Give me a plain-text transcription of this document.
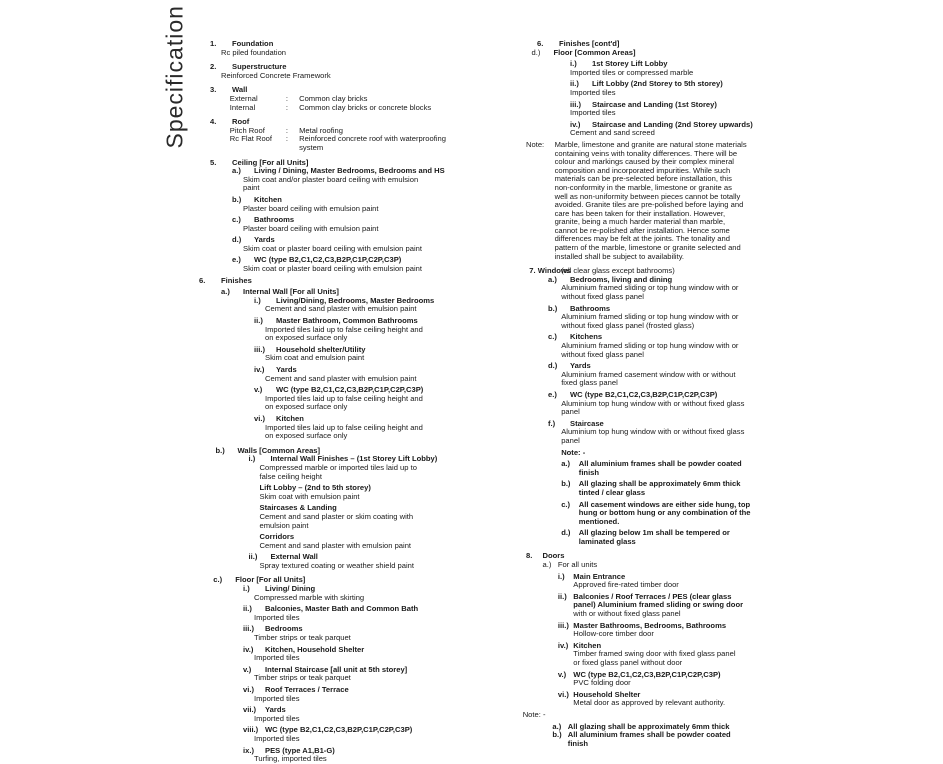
Specification	1. Foundation
Rc piled foundation
2. Superstructure
Reinforced Concrete Framework
3. Wall
External	: Common clay bricks
Internal	: Common clay bricks or concrete blocks
4. Roof
Pitch Roof	: Metal roofing
Rc Flat Roof	: Reinforced concrete roof with waterproofing
system
5. Ceiling [For all Units]
a.) Living / Dining, Master Bedrooms, Bedrooms and HS
Skim coat and/or plaster board ceiling with emulsion
paint
b.) Kitchen
Plaster board ceiling with emulsion paint
c.) Bathrooms
Plaster board ceiling with emulsion paint
d.) Yards
Skim coat or plaster board ceiling with emulsion paint
e.) WC (type B2,C1,C2,C3,B2P,C1P,C2P,C3P)
Skim coat or plaster board ceiling with emulsion paint
6. Finishes
a.) Internal Wall [For all Units]
i.) Living/Dining, Bedrooms, Master Bedrooms
Cement and sand plaster with emulsion paint
ii.) Master Bathroom, Common Bathrooms
Imported tiles laid up to false ceiling height and
on exposed surface only
iii.) Household shelter/Utility
Skim coat and emulsion paint
iv.) Yards
Cement and sand plaster with emulsion paint
v.) WC (type B2,C1,C2,C3,B2P,C1P,C2P,C3P)
Imported tiles laid up to false ceiling height and
on exposed surface only
vi.) Kitchen
Imported tiles laid up to false ceiling height and
on exposed surface only
b.) Walls [Common Areas]
i.) Internal Wall Finishes – (1st Storey Lift Lobby)
Compressed marble or imported tiles laid up to
false ceiling height
Lift Lobby – (2nd to 5th storey)
Skim coat with emulsion paint
Staircases & Landing
Cement and sand plaster or skim coating with
emulsion paint
Corridors
Cement and sand plaster with emulsion paint
ii.) External Wall
Spray textured coating or weather shield paint
c.) Floor [For all Units]
i.) Living/ Dining
Compressed marble with skirting
ii.) Balconies, Master Bath and Common Bath
Imported tiles
iii.) Bedrooms
Timber strips or teak parquet
iv.) Kitchen, Household Shelter
Imported tiles
v.) Internal Staircase [all unit at 5th storey]
Timber strips or teak parquet
vi.) Roof Terraces / Terrace
Imported tiles
vii.) Yards
Imported tiles
viii.) WC (type B2,C1,C2,C3,B2P,C1P,C2P,C3P)
Imported tiles
ix.) PES (type A1,B1-G)
Turfing, imported tiles
6. Finishes [cont'd]
d.) Floor [Common Areas]
i.) 1st Storey Lift Lobby
Imported tiles or compressed marble
ii.) Lift Lobby (2nd Storey to 5th storey)
Imported tiles
iii.) Staircase and Landing (1st Storey)
Imported tiles
iv.) Staircase and Landing (2nd Storey upwards)
Cement and sand screed
Note: Marble, limestone and granite are natural stone materials
containing veins with tonality differences. There will be
colour and markings caused by their complex mineral
composition and incorporated impurities. While such
materials can be pre-selected before installation, this
non-conformity in the marble, limestone or granite as
well as non-uniformity between pieces cannot be totally
avoided. Granite tiles are pre-polished before laying and
care has been taken for their installation. However,
granite, being a much harder material than marble,
cannot be re-polished after installation. Hence some
differences may be felt at the joints. The tonality and
pattern of the marble, limestone or granite selected and
installed shall be subject to availability.
7. Windows
(all clear glass except bathrooms)
a.) Bedrooms, living and dining
Aluminium framed sliding or top hung window with or
without fixed glass panel
b.) Bathrooms
Aluminium framed sliding or top hung window with or
without fixed glass panel (frosted glass)
c.) Kitchens
Aluminium framed sliding or top hung window with or
without fixed glass panel
d.) Yards
Aluminium framed casement window with or without
fixed glass panel
e.) WC (type B2,C1,C2,C3,B2P,C1P,C2P,C3P)
Aluminium top hung window with or without fixed glass
panel
f.) Staircase
Aluminium top hung window with or without fixed glass
panel
Note: -
a.) All aluminium frames shall be powder coated
finish
b.) All glazing shall be approximately 6mm thick
tinted / clear glass
c.) All casement windows are either side hung, top
hung or bottom hung or any combination of the
mentioned.
d.) All glazing below 1m shall be tempered or
laminated glass
8. Doors
a.) For all units
i.) Main Entrance
Approved fire-rated timber door
ii.) Balconies / Roof Terraces / PES (clear glass
panel) Aluminium framed sliding or swing door
with or without fixed glass panel
iii.) Master Bathrooms, Bedrooms, Bathrooms
Hollow-core timber door
iv.) Kitchen
Timber framed swing door with fixed glass panel
or fixed glass panel without door
v.) WC (type B2,C1,C2,C3,B2P,C1P,C2P,C3P)
PVC folding door
vi.) Household Shelter
Metal door as approved by relevant authority.
Note: -
a.) All glazing shall be approximately 6mm thick
b.) All aluminium frames shall be powder coated
finish
